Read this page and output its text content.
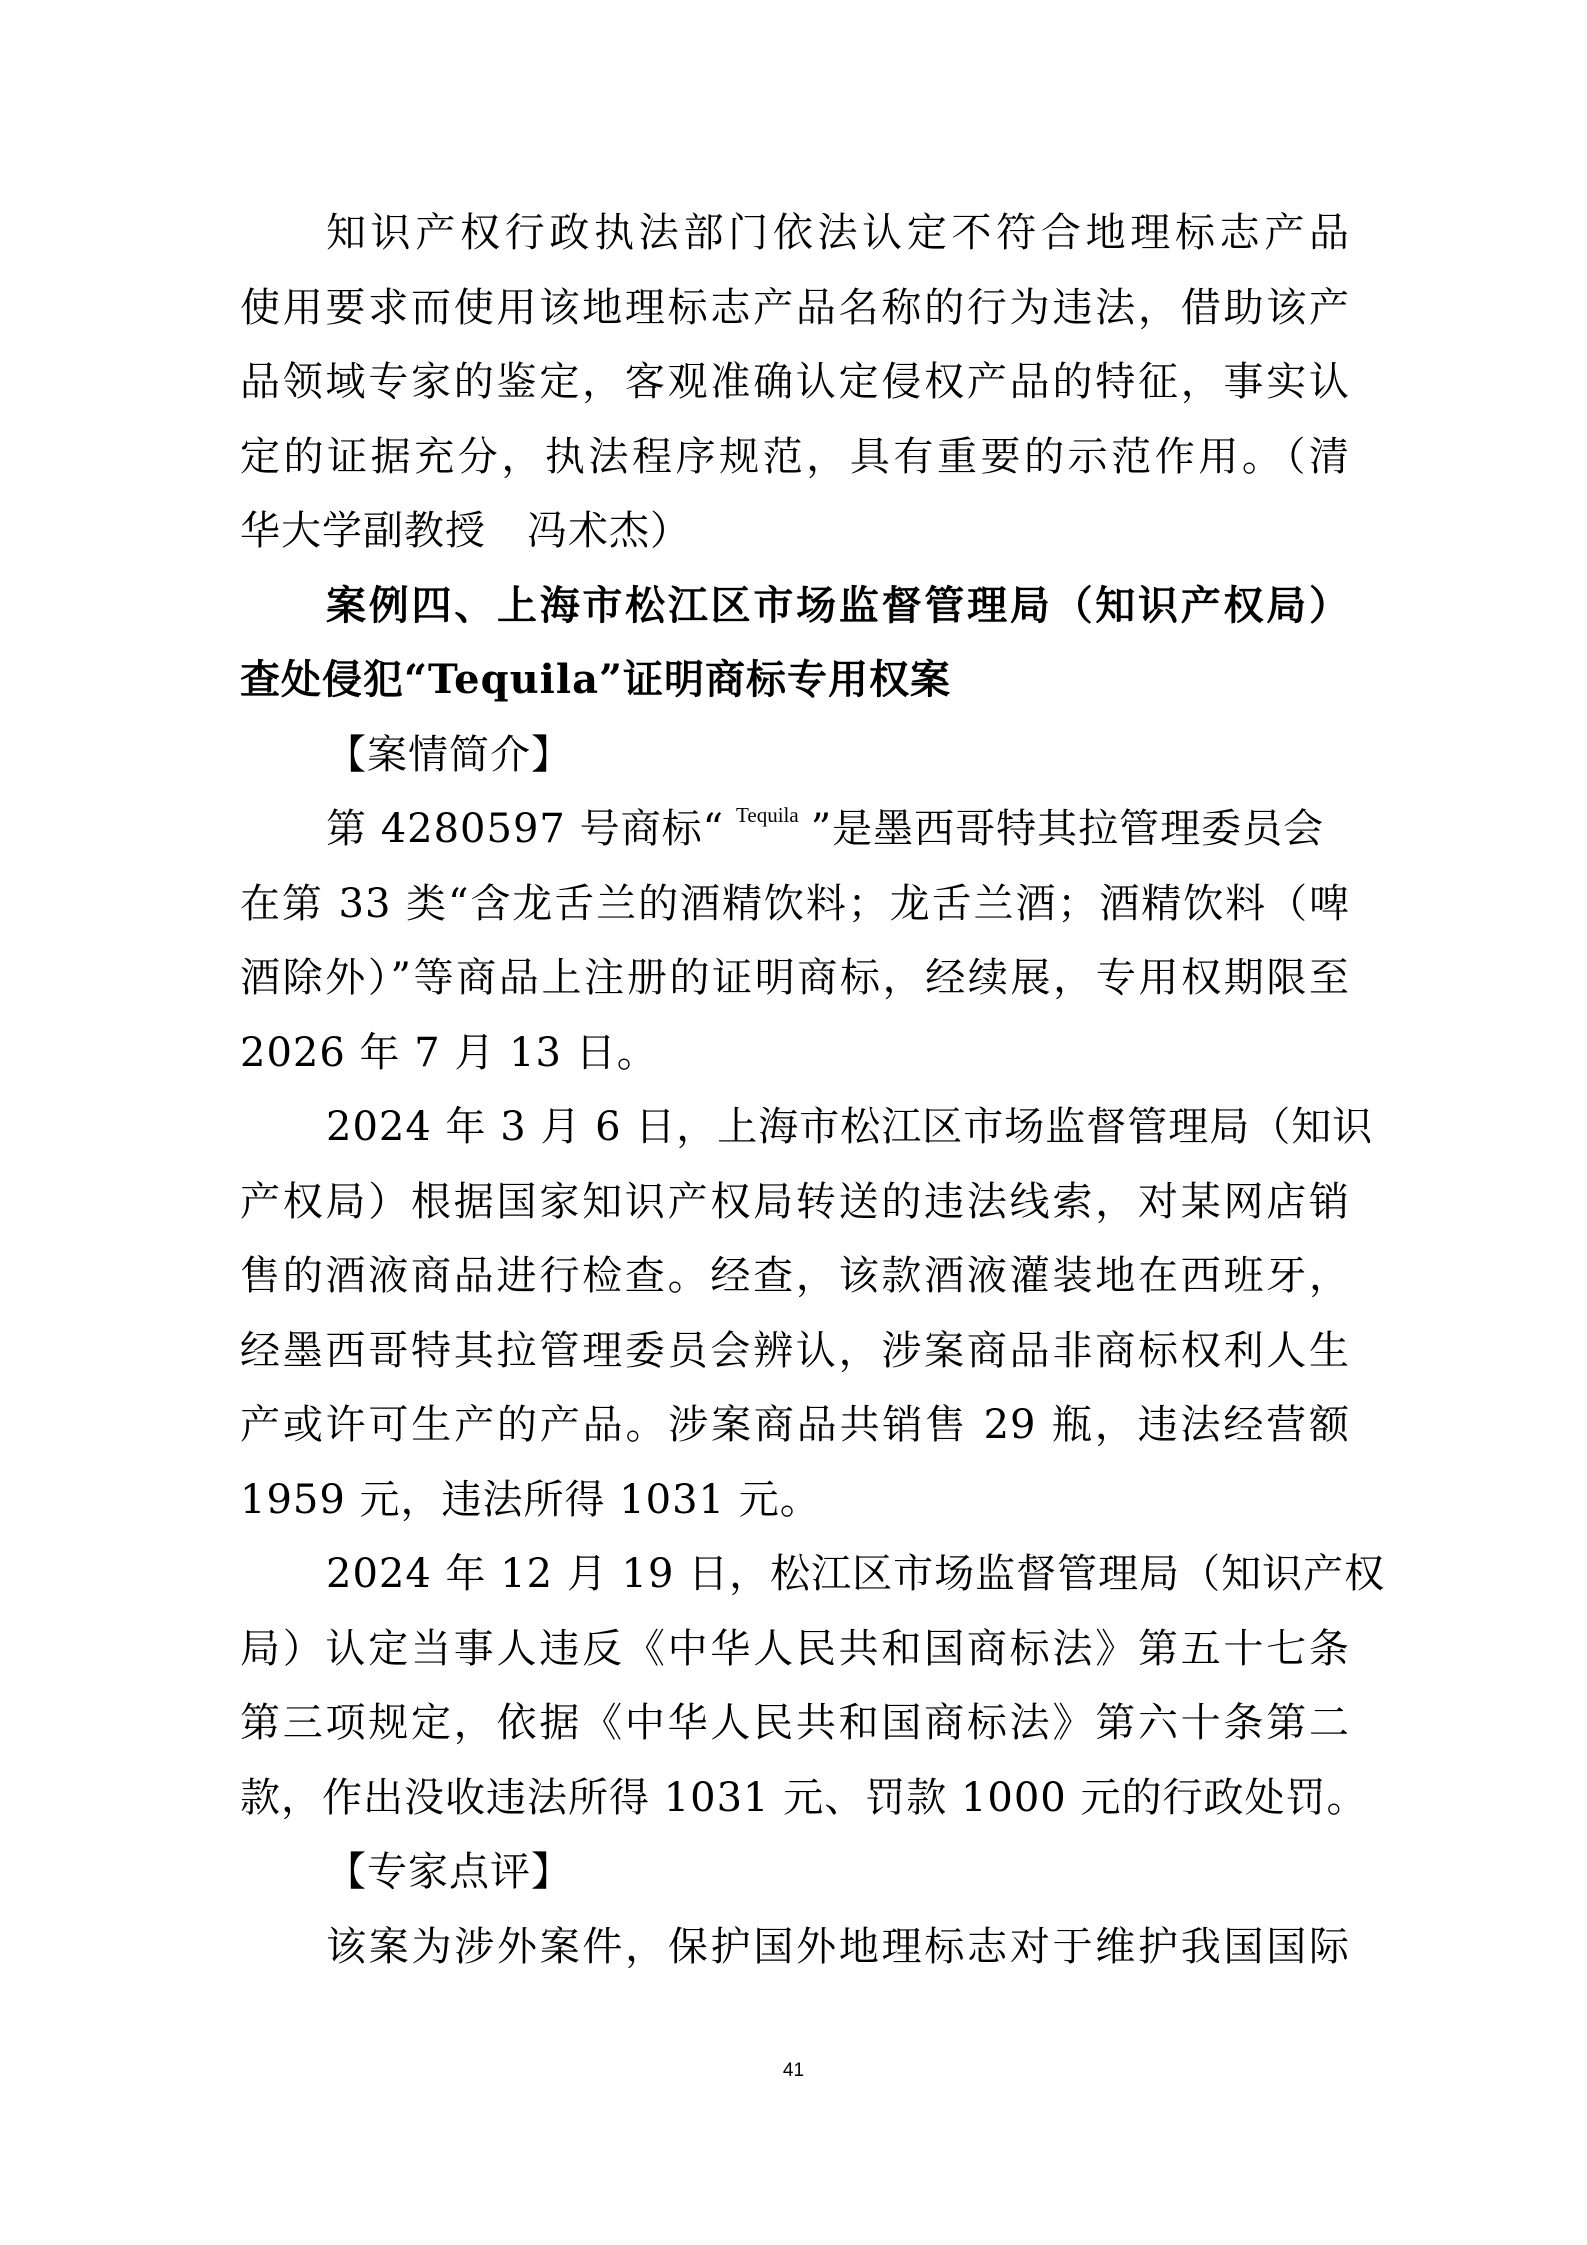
知识产权行政执法部门依法认定不符合地理标志产品
使用要求而使用该地理标志产品名称的行为违法，借助该产
品领域专家的鉴定，客观准确认定侵权产品的特征，事实认
定的证据充分，执法程序规范，具有重要的示范作用。（清
华大学副教授　冯术杰）
案例四、上海市松江区市场监督管理局（知识产权局）
查处侵犯“Tequila”证明商标专用权案
【案情简介】
第 4280597 号商标“ $^{Tequila}$ ”是墨西哥特其拉管理委员会
在第 33 类“含龙舌兰的酒精饮料；龙舌兰酒；酒精饮料（啤
酒除外）”等商品上注册的证明商标，经续展，专用权期限至
2026 年 7 月 13 日。
2024 年 3 月 6 日，上海市松江区市场监督管理局（知识
产权局）根据国家知识产权局转送的违法线索，对某网店销
售的酒液商品进行检查。经查，该款酒液灌装地在西班牙，
经墨西哥特其拉管理委员会辨认，涉案商品非商标权利人生
产或许可生产的产品。涉案商品共销售 29 瓶，违法经营额
1959 元，违法所得 1031 元。
2024 年 12 月 19 日，松江区市场监督管理局（知识产权
局）认定当事人违反《中华人民共和国商标法》第五十七条
第三项规定，依据《中华人民共和国商标法》第六十条第二
款，作出没收违法所得 1031 元、罚款 1000 元的行政处罚。
【专家点评】
该案为涉外案件，保护国外地理标志对于维护我国国际
41
